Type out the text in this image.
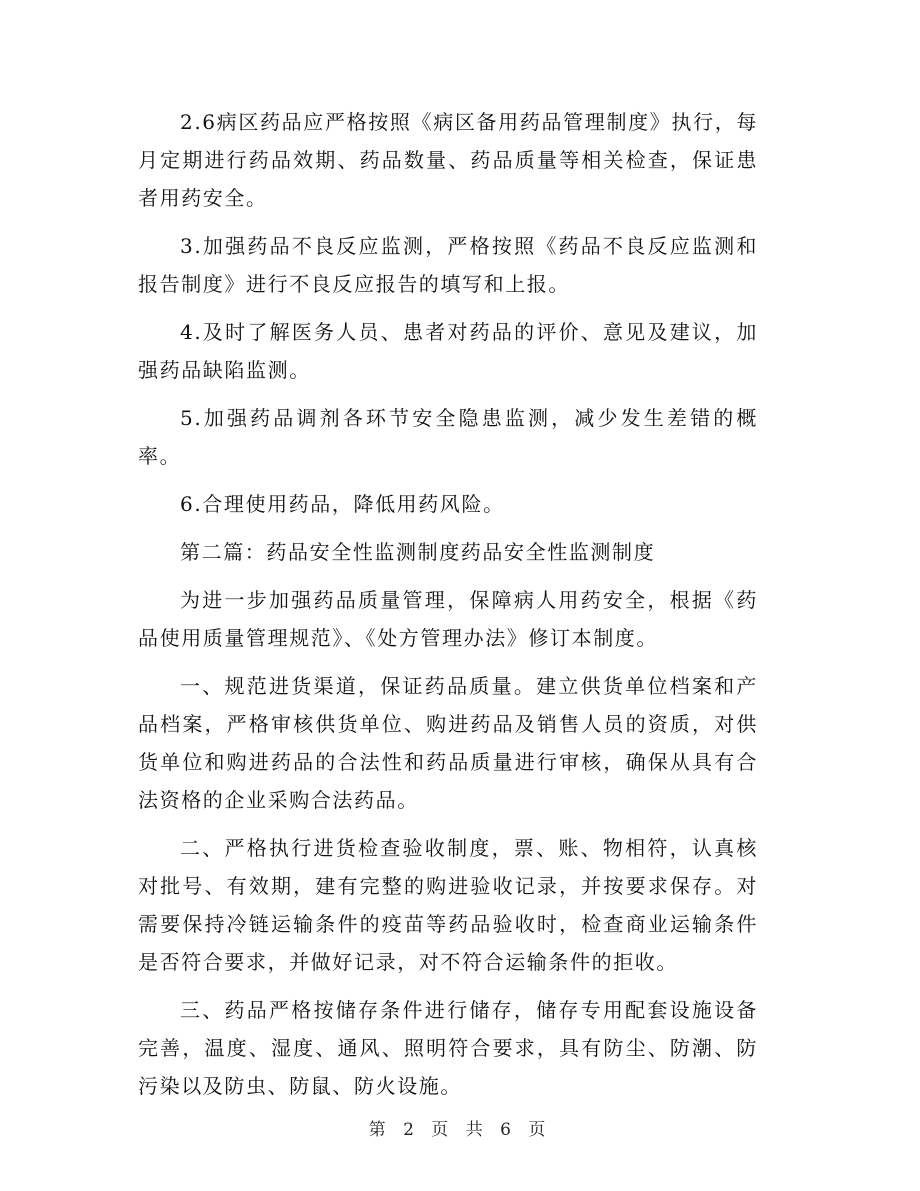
2.6病区药品应严格按照《病区备用药品管理制度》执行，每月定期进行药品效期、药品数量、药品质量等相关检查，保证患者用药安全。

3.加强药品不良反应监测，严格按照《药品不良反应监测和报告制度》进行不良反应报告的填写和上报。

4.及时了解医务人员、患者对药品的评价、意见及建议，加强药品缺陷监测。

5.加强药品调剂各环节安全隐患监测，减少发生差错的概率。

6.合理使用药品，降低用药风险。

第二篇：药品安全性监测制度药品安全性监测制度

为进一步加强药品质量管理，保障病人用药安全，根据《药品使用质量管理规范》、《处方管理办法》修订本制度。

一、规范进货渠道，保证药品质量。建立供货单位档案和产品档案，严格审核供货单位、购进药品及销售人员的资质，对供货单位和购进药品的合法性和药品质量进行审核，确保从具有合法资格的企业采购合法药品。

二、严格执行进货检查验收制度，票、账、物相符，认真核对批号、有效期，建有完整的购进验收记录，并按要求保存。对需要保持冷链运输条件的疫苗等药品验收时，检查商业运输条件是否符合要求，并做好记录，对不符合运输条件的拒收。

三、药品严格按储存条件进行储存，储存专用配套设施设备完善，温度、湿度、通风、照明符合要求，具有防尘、防潮、防污染以及防虫、防鼠、防火设施。

第 2 页 共 6 页
